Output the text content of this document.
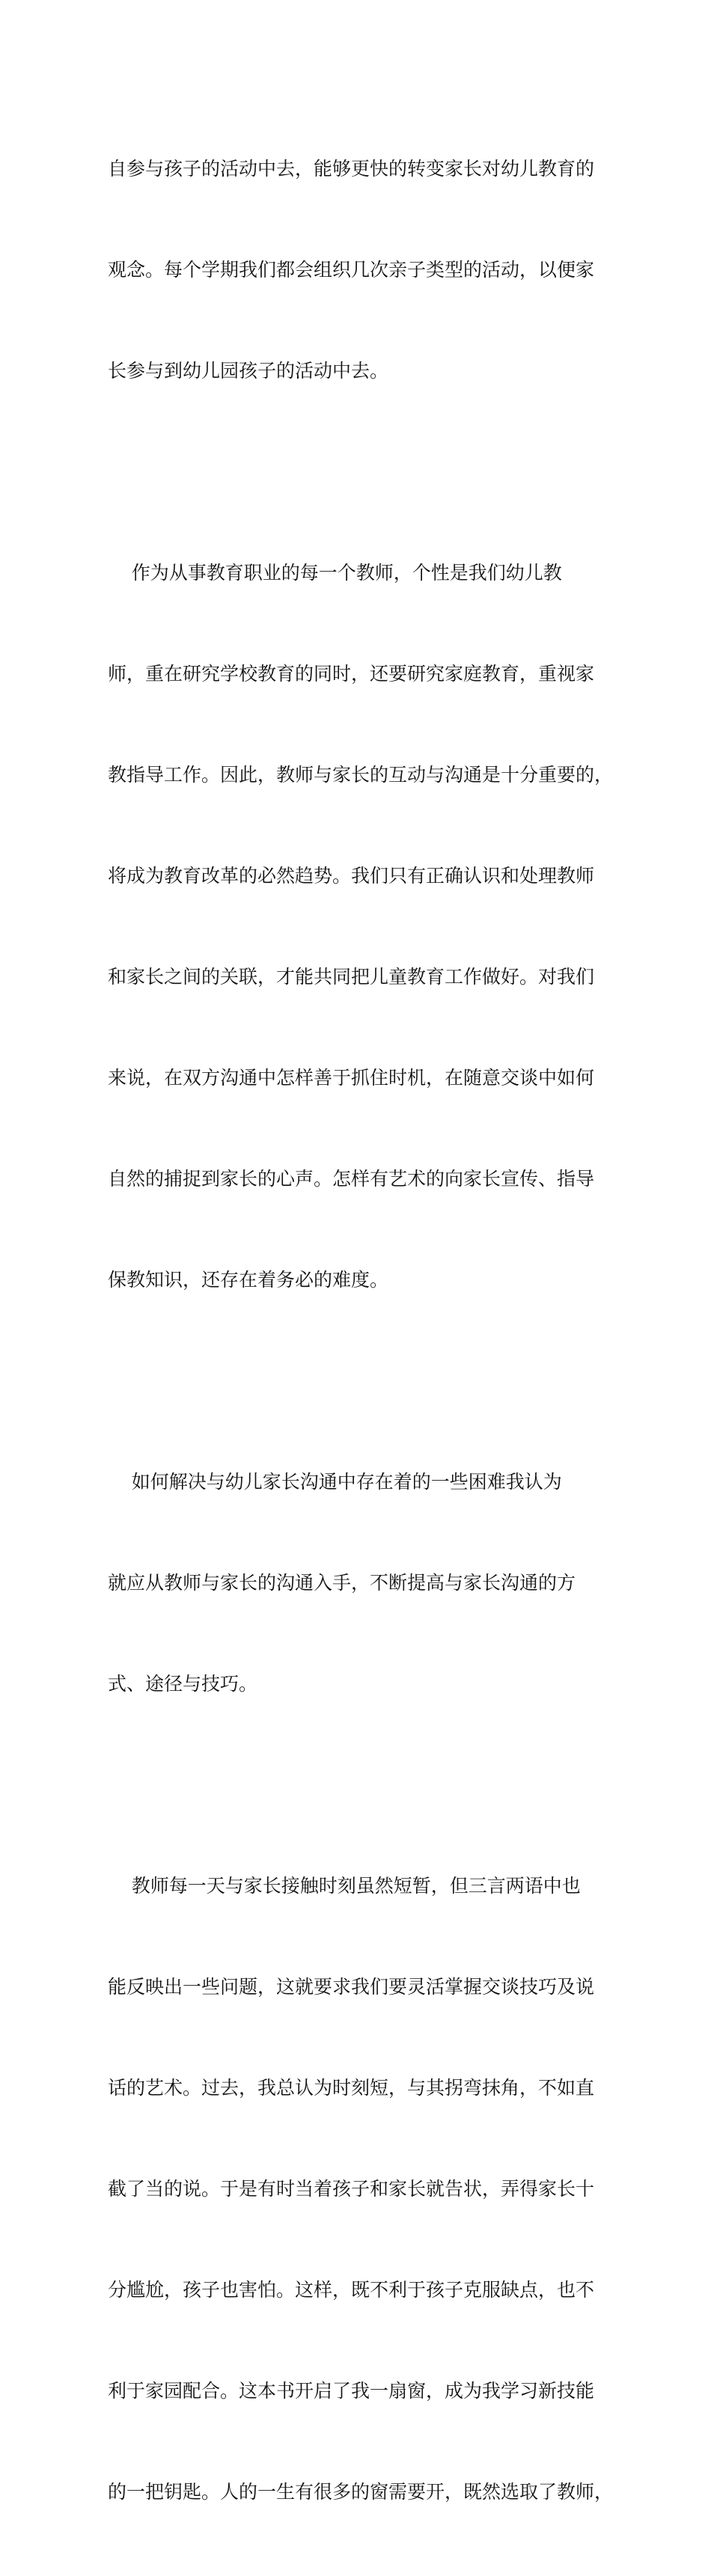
自参与孩子的活动中去，能够更快的转变家长对幼儿教育的

观念。每个学期我们都会组织几次亲子类型的活动，以便家

长参与到幼儿园孩子的活动中去。

作为从事教育职业的每一个教师，个性是我们幼儿教

师，重在研究学校教育的同时，还要研究家庭教育，重视家

教指导工作。因此，教师与家长的互动与沟通是十分重要的，

将成为教育改革的必然趋势。我们只有正确认识和处理教师

和家长之间的关联，才能共同把儿童教育工作做好。对我们

来说，在双方沟通中怎样善于抓住时机，在随意交谈中如何

自然的捕捉到家长的心声。怎样有艺术的向家长宣传、指导

保教知识，还存在着务必的难度。

如何解决与幼儿家长沟通中存在着的一些困难我认为

就应从教师与家长的沟通入手，不断提高与家长沟通的方

式、途径与技巧。

教师每一天与家长接触时刻虽然短暂，但三言两语中也

能反映出一些问题，这就要求我们要灵活掌握交谈技巧及说

话的艺术。过去，我总认为时刻短，与其拐弯抹角，不如直

截了当的说。于是有时当着孩子和家长就告状，弄得家长十

分尴尬，孩子也害怕。这样，既不利于孩子克服缺点，也不

利于家园配合。这本书开启了我一扇窗，成为我学习新技能

的一把钥匙。人的一生有很多的窗需要开，既然选取了教师，
